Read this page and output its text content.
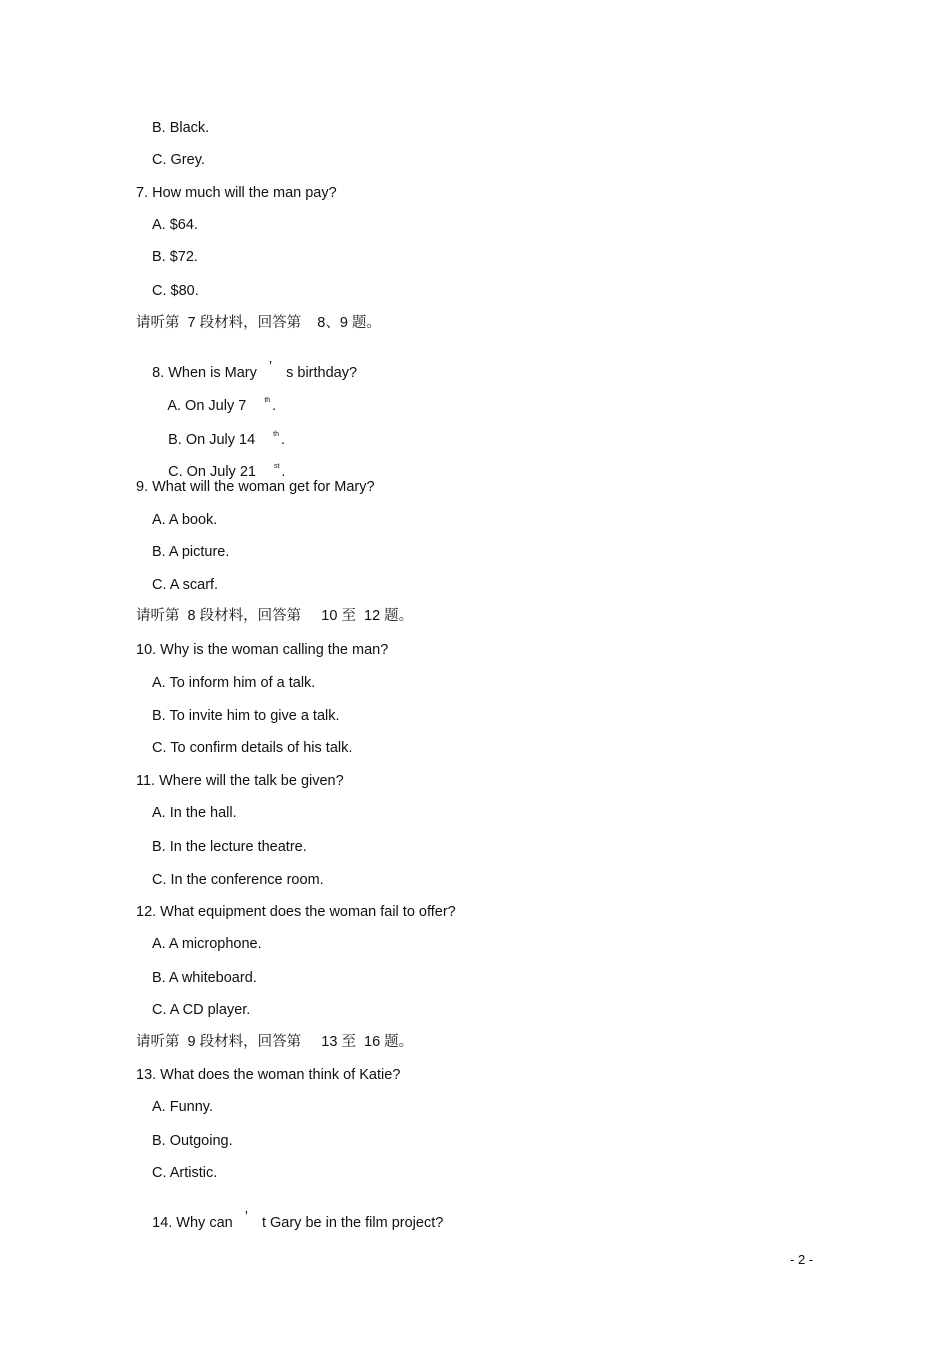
B. Black.
C. Grey.
7. How much will the man pay?
A. $64.
B. $72.
C. $80.
请听第  7 段材料，回答第    8、9 题。

8. When is Mary ’ s birthday?

A. On July 7	$^{th}$ .

B. On July 14	$^{th}$ .

C. On July 21	$^{st}$ .

9. What will the woman get for Mary?
A. A book.
B. A picture.
C. A scarf.
请听第  8 段材料，回答第     10 至  12 题。
10. Why is the woman calling the man?
A. To inform him of a talk.
B. To invite him to give a talk.
C. To confirm details of his talk.
11. Where will the talk be given?
A. In the hall.
B. In the lecture theatre.
C. In the conference room.
12. What equipment does the woman fail to offer?
A. A microphone.
B. A whiteboard.
C. A CD player.
请听第  9 段材料，回答第     13 至  16 题。
13. What does the woman think of Katie?
A. Funny.
B. Outgoing.
C. Artistic.

14. Why can ’ t Gary be in the film project?

- 2 -
